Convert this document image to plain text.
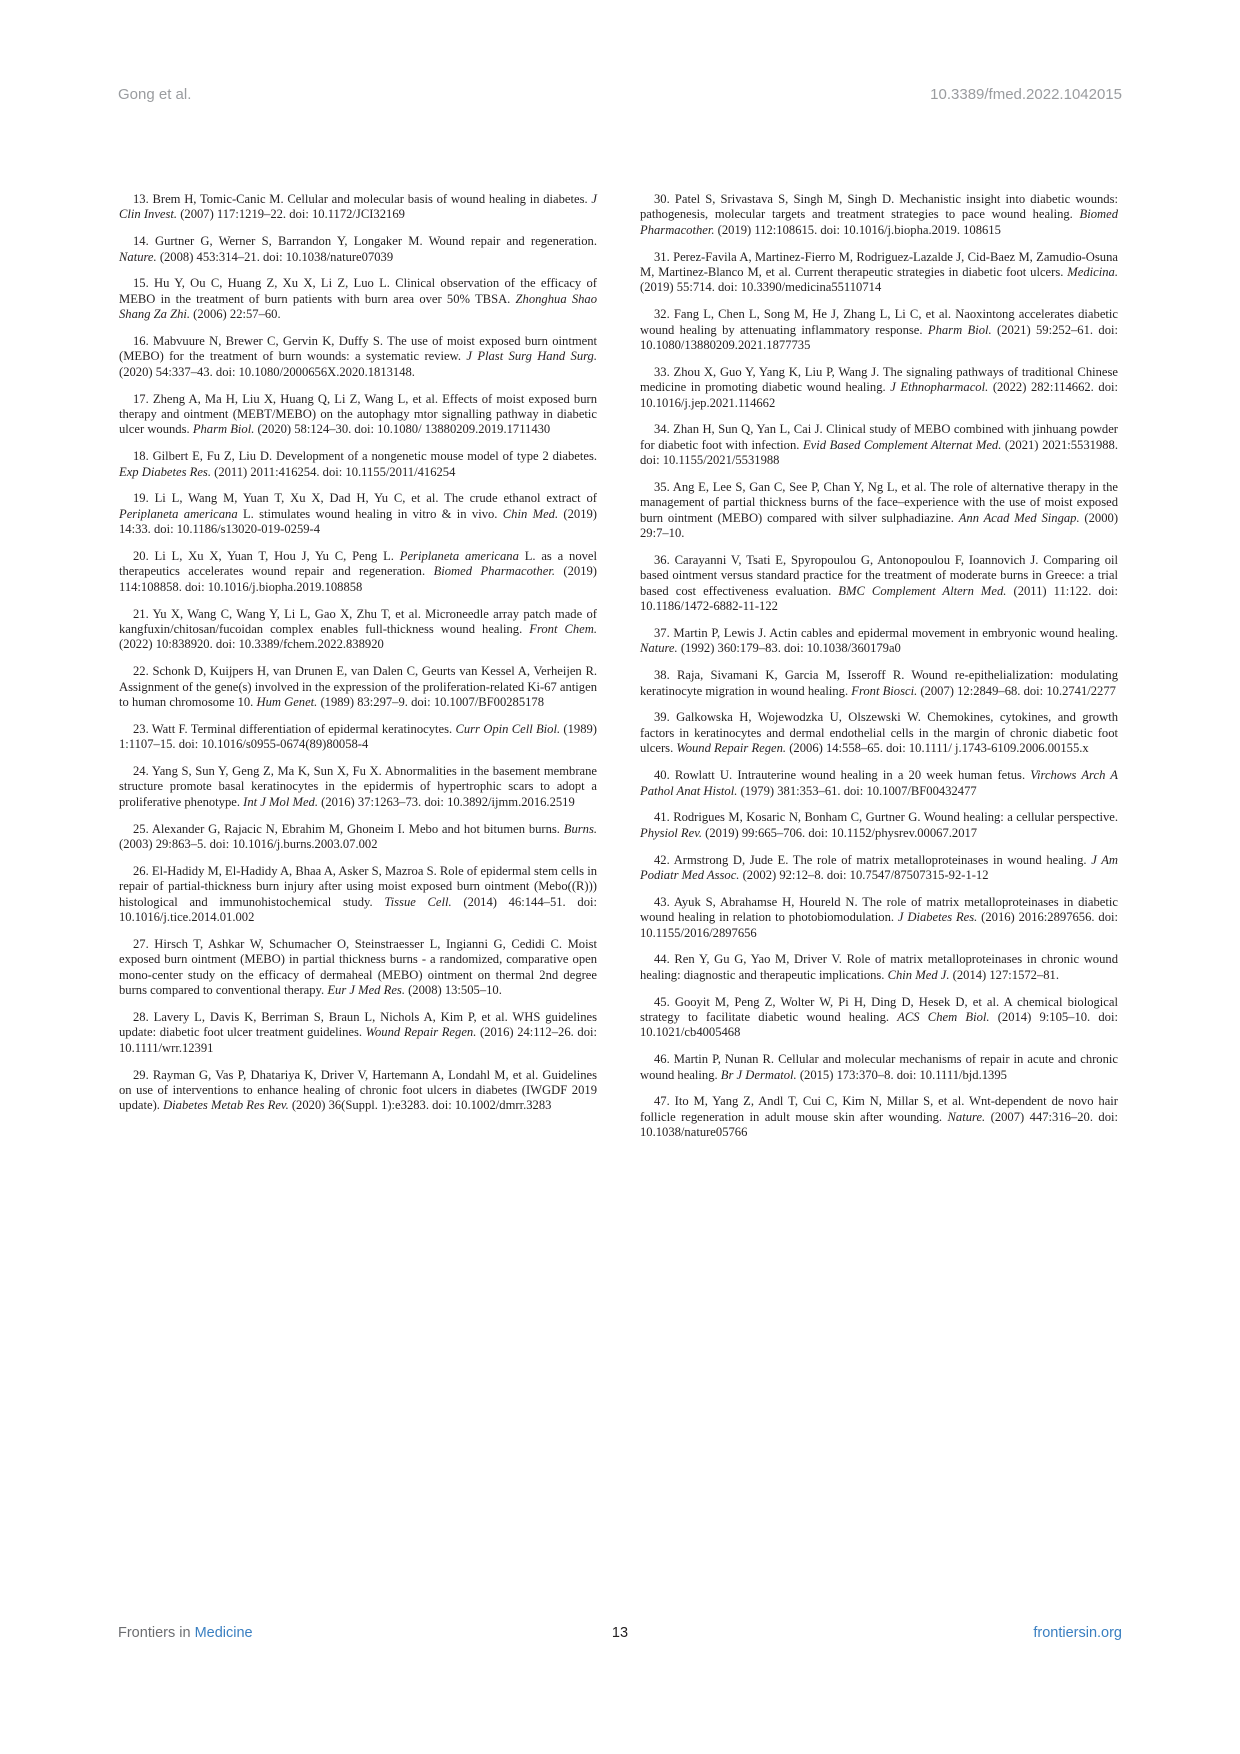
Gong et al.	10.3389/fmed.2022.1042015

13. Brem H, Tomic-Canic M. Cellular and molecular basis of wound healing in diabetes. J Clin Invest. (2007) 117:1219–22. doi: 10.1172/JCI32169

14. Gurtner G, Werner S, Barrandon Y, Longaker M. Wound repair and regeneration. Nature. (2008) 453:314–21. doi: 10.1038/nature07039

15. Hu Y, Ou C, Huang Z, Xu X, Li Z, Luo L. Clinical observation of the efficacy of MEBO in the treatment of burn patients with burn area over 50% TBSA. Zhonghua Shao Shang Za Zhi. (2006) 22:57–60.

16. Mabvuure N, Brewer C, Gervin K, Duffy S. The use of moist exposed burn ointment (MEBO) for the treatment of burn wounds: a systematic review. J Plast Surg Hand Surg. (2020) 54:337–43. doi: 10.1080/2000656X.2020.1813148.

17. Zheng A, Ma H, Liu X, Huang Q, Li Z, Wang L, et al. Effects of moist exposed burn therapy and ointment (MEBT/MEBO) on the autophagy mtor signalling pathway in diabetic ulcer wounds. Pharm Biol. (2020) 58:124–30. doi: 10.1080/ 13880209.2019.1711430

18. Gilbert E, Fu Z, Liu D. Development of a nongenetic mouse model of type 2 diabetes. Exp Diabetes Res. (2011) 2011:416254. doi: 10.1155/2011/416254

19. Li L, Wang M, Yuan T, Xu X, Dad H, Yu C, et al. The crude ethanol extract of Periplaneta americana L. stimulates wound healing in vitro & in vivo. Chin Med. (2019) 14:33. doi: 10.1186/s13020-019-0259-4

20. Li L, Xu X, Yuan T, Hou J, Yu C, Peng L. Periplaneta americana L. as a novel therapeutics accelerates wound repair and regeneration. Biomed Pharmacother. (2019) 114:108858. doi: 10.1016/j.biopha.2019.108858

21. Yu X, Wang C, Wang Y, Li L, Gao X, Zhu T, et al. Microneedle array patch made of kangfuxin/chitosan/fucoidan complex enables full-thickness wound healing. Front Chem. (2022) 10:838920. doi: 10.3389/fchem.2022.838920

22. Schonk D, Kuijpers H, van Drunen E, van Dalen C, Geurts van Kessel A, Verheijen R. Assignment of the gene(s) involved in the expression of the proliferation-related Ki-67 antigen to human chromosome 10. Hum Genet. (1989) 83:297–9. doi: 10.1007/BF00285178

23. Watt F. Terminal differentiation of epidermal keratinocytes. Curr Opin Cell Biol. (1989) 1:1107–15. doi: 10.1016/s0955-0674(89)80058-4

24. Yang S, Sun Y, Geng Z, Ma K, Sun X, Fu X. Abnormalities in the basement membrane structure promote basal keratinocytes in the epidermis of hypertrophic scars to adopt a proliferative phenotype. Int J Mol Med. (2016) 37:1263–73. doi: 10.3892/ijmm.2016.2519

25. Alexander G, Rajacic N, Ebrahim M, Ghoneim I. Mebo and hot bitumen burns. Burns. (2003) 29:863–5. doi: 10.1016/j.burns.2003.07.002

26. El-Hadidy M, El-Hadidy A, Bhaa A, Asker S, Mazroa S. Role of epidermal stem cells in repair of partial-thickness burn injury after using moist exposed burn ointment (Mebo((R))) histological and immunohistochemical study. Tissue Cell. (2014) 46:144–51. doi: 10.1016/j.tice.2014.01.002

27. Hirsch T, Ashkar W, Schumacher O, Steinstraesser L, Ingianni G, Cedidi C. Moist exposed burn ointment (MEBO) in partial thickness burns - a randomized, comparative open mono-center study on the efficacy of dermaheal (MEBO) ointment on thermal 2nd degree burns compared to conventional therapy. Eur J Med Res. (2008) 13:505–10.

28. Lavery L, Davis K, Berriman S, Braun L, Nichols A, Kim P, et al. WHS guidelines update: diabetic foot ulcer treatment guidelines. Wound Repair Regen. (2016) 24:112–26. doi: 10.1111/wrr.12391

29. Rayman G, Vas P, Dhatariya K, Driver V, Hartemann A, Londahl M, et al. Guidelines on use of interventions to enhance healing of chronic foot ulcers in diabetes (IWGDF 2019 update). Diabetes Metab Res Rev. (2020) 36(Suppl. 1):e3283. doi: 10.1002/dmrr.3283

30. Patel S, Srivastava S, Singh M, Singh D. Mechanistic insight into diabetic wounds: pathogenesis, molecular targets and treatment strategies to pace wound healing. Biomed Pharmacother. (2019) 112:108615. doi: 10.1016/j.biopha.2019. 108615

31. Perez-Favila A, Martinez-Fierro M, Rodriguez-Lazalde J, Cid-Baez M, Zamudio-Osuna M, Martinez-Blanco M, et al. Current therapeutic strategies in diabetic foot ulcers. Medicina. (2019) 55:714. doi: 10.3390/medicina55110714

32. Fang L, Chen L, Song M, He J, Zhang L, Li C, et al. Naoxintong accelerates diabetic wound healing by attenuating inflammatory response. Pharm Biol. (2021) 59:252–61. doi: 10.1080/13880209.2021.1877735

33. Zhou X, Guo Y, Yang K, Liu P, Wang J. The signaling pathways of traditional Chinese medicine in promoting diabetic wound healing. J Ethnopharmacol. (2022) 282:114662. doi: 10.1016/j.jep.2021.114662

34. Zhan H, Sun Q, Yan L, Cai J. Clinical study of MEBO combined with jinhuang powder for diabetic foot with infection. Evid Based Complement Alternat Med. (2021) 2021:5531988. doi: 10.1155/2021/5531988

35. Ang E, Lee S, Gan C, See P, Chan Y, Ng L, et al. The role of alternative therapy in the management of partial thickness burns of the face–experience with the use of moist exposed burn ointment (MEBO) compared with silver sulphadiazine. Ann Acad Med Singap. (2000) 29:7–10.

36. Carayanni V, Tsati E, Spyropoulou G, Antonopoulou F, Ioannovich J. Comparing oil based ointment versus standard practice for the treatment of moderate burns in Greece: a trial based cost effectiveness evaluation. BMC Complement Altern Med. (2011) 11:122. doi: 10.1186/1472-6882-11-122

37. Martin P, Lewis J. Actin cables and epidermal movement in embryonic wound healing. Nature. (1992) 360:179–83. doi: 10.1038/360179a0

38. Raja, Sivamani K, Garcia M, Isseroff R. Wound re-epithelialization: modulating keratinocyte migration in wound healing. Front Biosci. (2007) 12:2849–68. doi: 10.2741/2277

39. Galkowska H, Wojewodzka U, Olszewski W. Chemokines, cytokines, and growth factors in keratinocytes and dermal endothelial cells in the margin of chronic diabetic foot ulcers. Wound Repair Regen. (2006) 14:558–65. doi: 10.1111/ j.1743-6109.2006.00155.x

40. Rowlatt U. Intrauterine wound healing in a 20 week human fetus. Virchows Arch A Pathol Anat Histol. (1979) 381:353–61. doi: 10.1007/BF00432477

41. Rodrigues M, Kosaric N, Bonham C, Gurtner G. Wound healing: a cellular perspective. Physiol Rev. (2019) 99:665–706. doi: 10.1152/physrev.00067.2017

42. Armstrong D, Jude E. The role of matrix metalloproteinases in wound healing. J Am Podiatr Med Assoc. (2002) 92:12–8. doi: 10.7547/87507315-92-1-12

43. Ayuk S, Abrahamse H, Houreld N. The role of matrix metalloproteinases in diabetic wound healing in relation to photobiomodulation. J Diabetes Res. (2016) 2016:2897656. doi: 10.1155/2016/2897656

44. Ren Y, Gu G, Yao M, Driver V. Role of matrix metalloproteinases in chronic wound healing: diagnostic and therapeutic implications. Chin Med J. (2014) 127:1572–81.

45. Gooyit M, Peng Z, Wolter W, Pi H, Ding D, Hesek D, et al. A chemical biological strategy to facilitate diabetic wound healing. ACS Chem Biol. (2014) 9:105–10. doi: 10.1021/cb4005468

46. Martin P, Nunan R. Cellular and molecular mechanisms of repair in acute and chronic wound healing. Br J Dermatol. (2015) 173:370–8. doi: 10.1111/bjd.1395

47. Ito M, Yang Z, Andl T, Cui C, Kim N, Millar S, et al. Wnt-dependent de novo hair follicle regeneration in adult mouse skin after wounding. Nature. (2007) 447:316–20. doi: 10.1038/nature05766

Frontiers in Medicine	13	frontiersin.org
